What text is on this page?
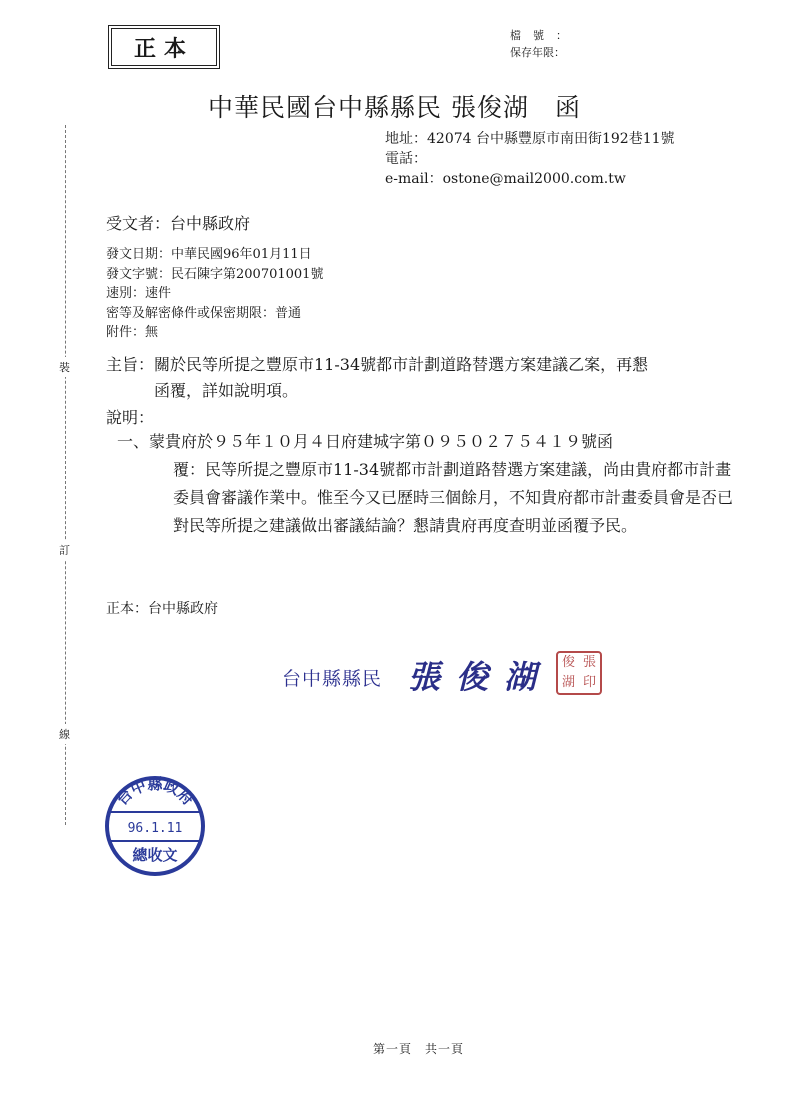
正本	檔號：
保存年限：
中華民國台中縣縣民 張俊湖　函
地址：42074 台中縣豐原市南田街192巷11號
電話：
e-mail：ostone@mail2000.com.tw
裝
訂
線
受文者：台中縣政府
發文日期：中華民國96年01月11日
發文字號：民石陳字第200701001號
速別：速件
密等及解密條件或保密期限：普通
附件：無
主旨：關於民等所提之豐原市11-34號都市計劃道路替選方案建議乙案，再懇
函覆，詳如說明項。
說明：
一、蒙貴府於９５年１０月４日府建城字第０９５０２７５４１９號函
覆：民等所提之豐原市11-34號都市計劃道路替選方案建議，尚由貴府都市計畫委員會審議作業中。惟至今又已歷時三個餘月，不知貴府都市計畫委員會是否已對民等所提之建議做出審議結論？懇請貴府再度查明並函覆予民。
正本：台中縣政府
台中縣縣民 張俊湖 俊 張
湖 印
台中縣政府
96.1.11
總收文
第一頁　共一頁
